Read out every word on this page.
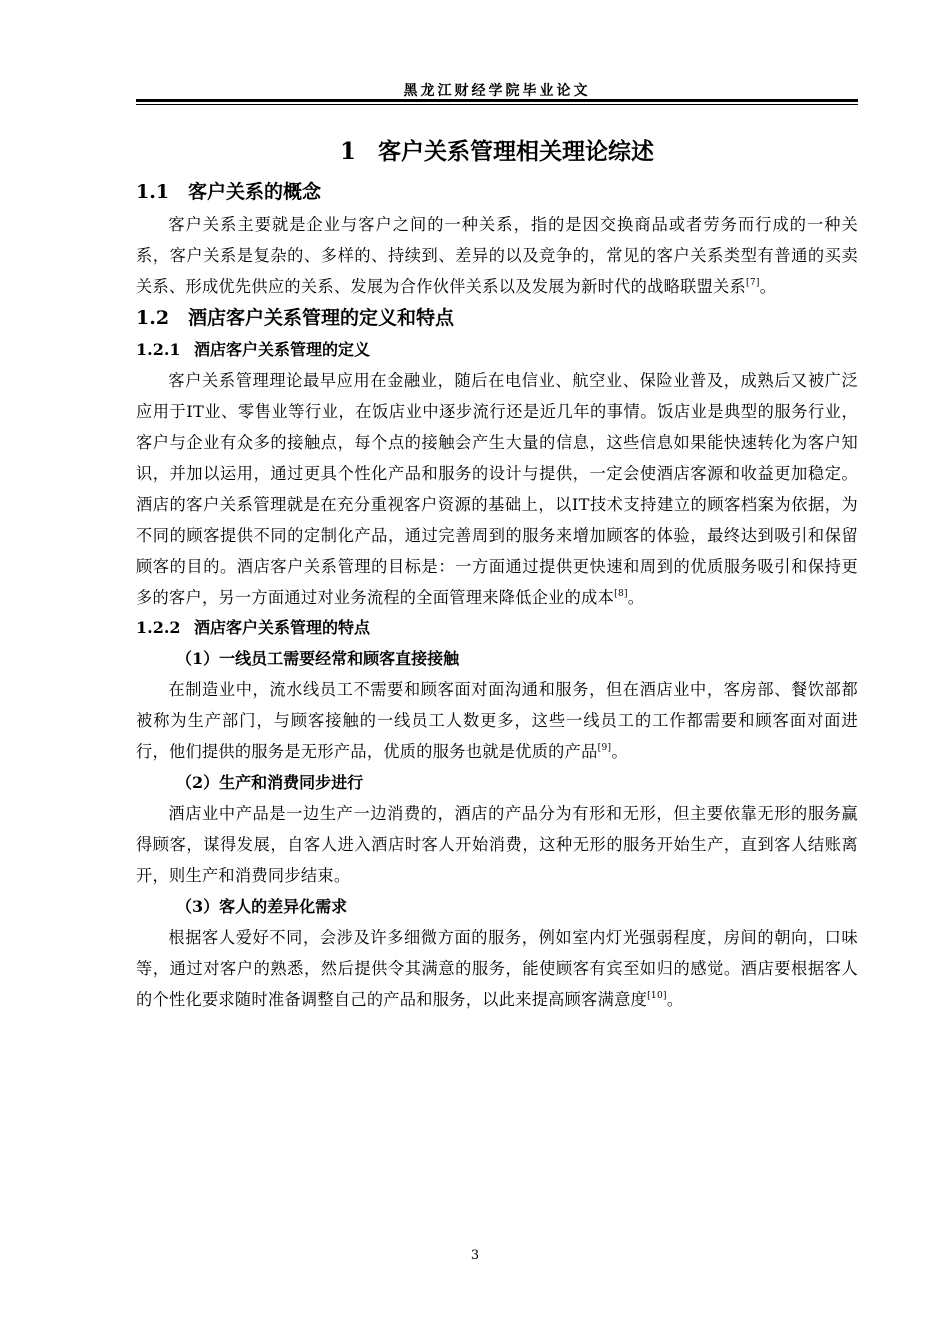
黑龙江财经学院毕业论文
1 客户关系管理相关理论综述
1.1 客户关系的概念

客户关系主要就是企业与客户之间的一种关系，指的是因交换商品或者劳务而行成的一种关系，客户关系是复杂的、多样的、持续到、差异的以及竞争的，常见的客户关系类型有普通的买卖关系、形成优先供应的关系、发展为合作伙伴关系以及发展为新时代的战略联盟关系[7]。

1.2 酒店客户关系管理的定义和特点
1.2.1 酒店客户关系管理的定义

客户关系管理理论最早应用在金融业，随后在电信业、航空业、保险业普及，成熟后又被广泛应用于IT业、零售业等行业，在饭店业中逐步流行还是近几年的事情。饭店业是典型的服务行业，客户与企业有众多的接触点，每个点的接触会产生大量的信息，这些信息如果能快速转化为客户知识，并加以运用，通过更具个性化产品和服务的设计与提供，一定会使酒店客源和收益更加稳定。酒店的客户关系管理就是在充分重视客户资源的基础上，以IT技术支持建立的顾客档案为依据，为不同的顾客提供不同的定制化产品，通过完善周到的服务来增加顾客的体验，最终达到吸引和保留顾客的目的。酒店客户关系管理的目标是：一方面通过提供更快速和周到的优质服务吸引和保持更多的客户，另一方面通过对业务流程的全面管理来降低企业的成本[8]。

1.2.2 酒店客户关系管理的特点
（1）一线员工需要经常和顾客直接接触

在制造业中，流水线员工不需要和顾客面对面沟通和服务，但在酒店业中，客房部、餐饮部都被称为生产部门，与顾客接触的一线员工人数更多，这些一线员工的工作都需要和顾客面对面进行，他们提供的服务是无形产品，优质的服务也就是优质的产品[9]。

（2）生产和消费同步进行

酒店业中产品是一边生产一边消费的，酒店的产品分为有形和无形，但主要依靠无形的服务赢得顾客，谋得发展，自客人进入酒店时客人开始消费，这种无形的服务开始生产，直到客人结账离开，则生产和消费同步结束。

（3）客人的差异化需求

根据客人爱好不同，会涉及许多细微方面的服务，例如室内灯光强弱程度，房间的朝向，口味等，通过对客户的熟悉，然后提供令其满意的服务，能使顾客有宾至如归的感觉。酒店要根据客人的个性化要求随时准备调整自己的产品和服务，以此来提高顾客满意度[10]。

3
